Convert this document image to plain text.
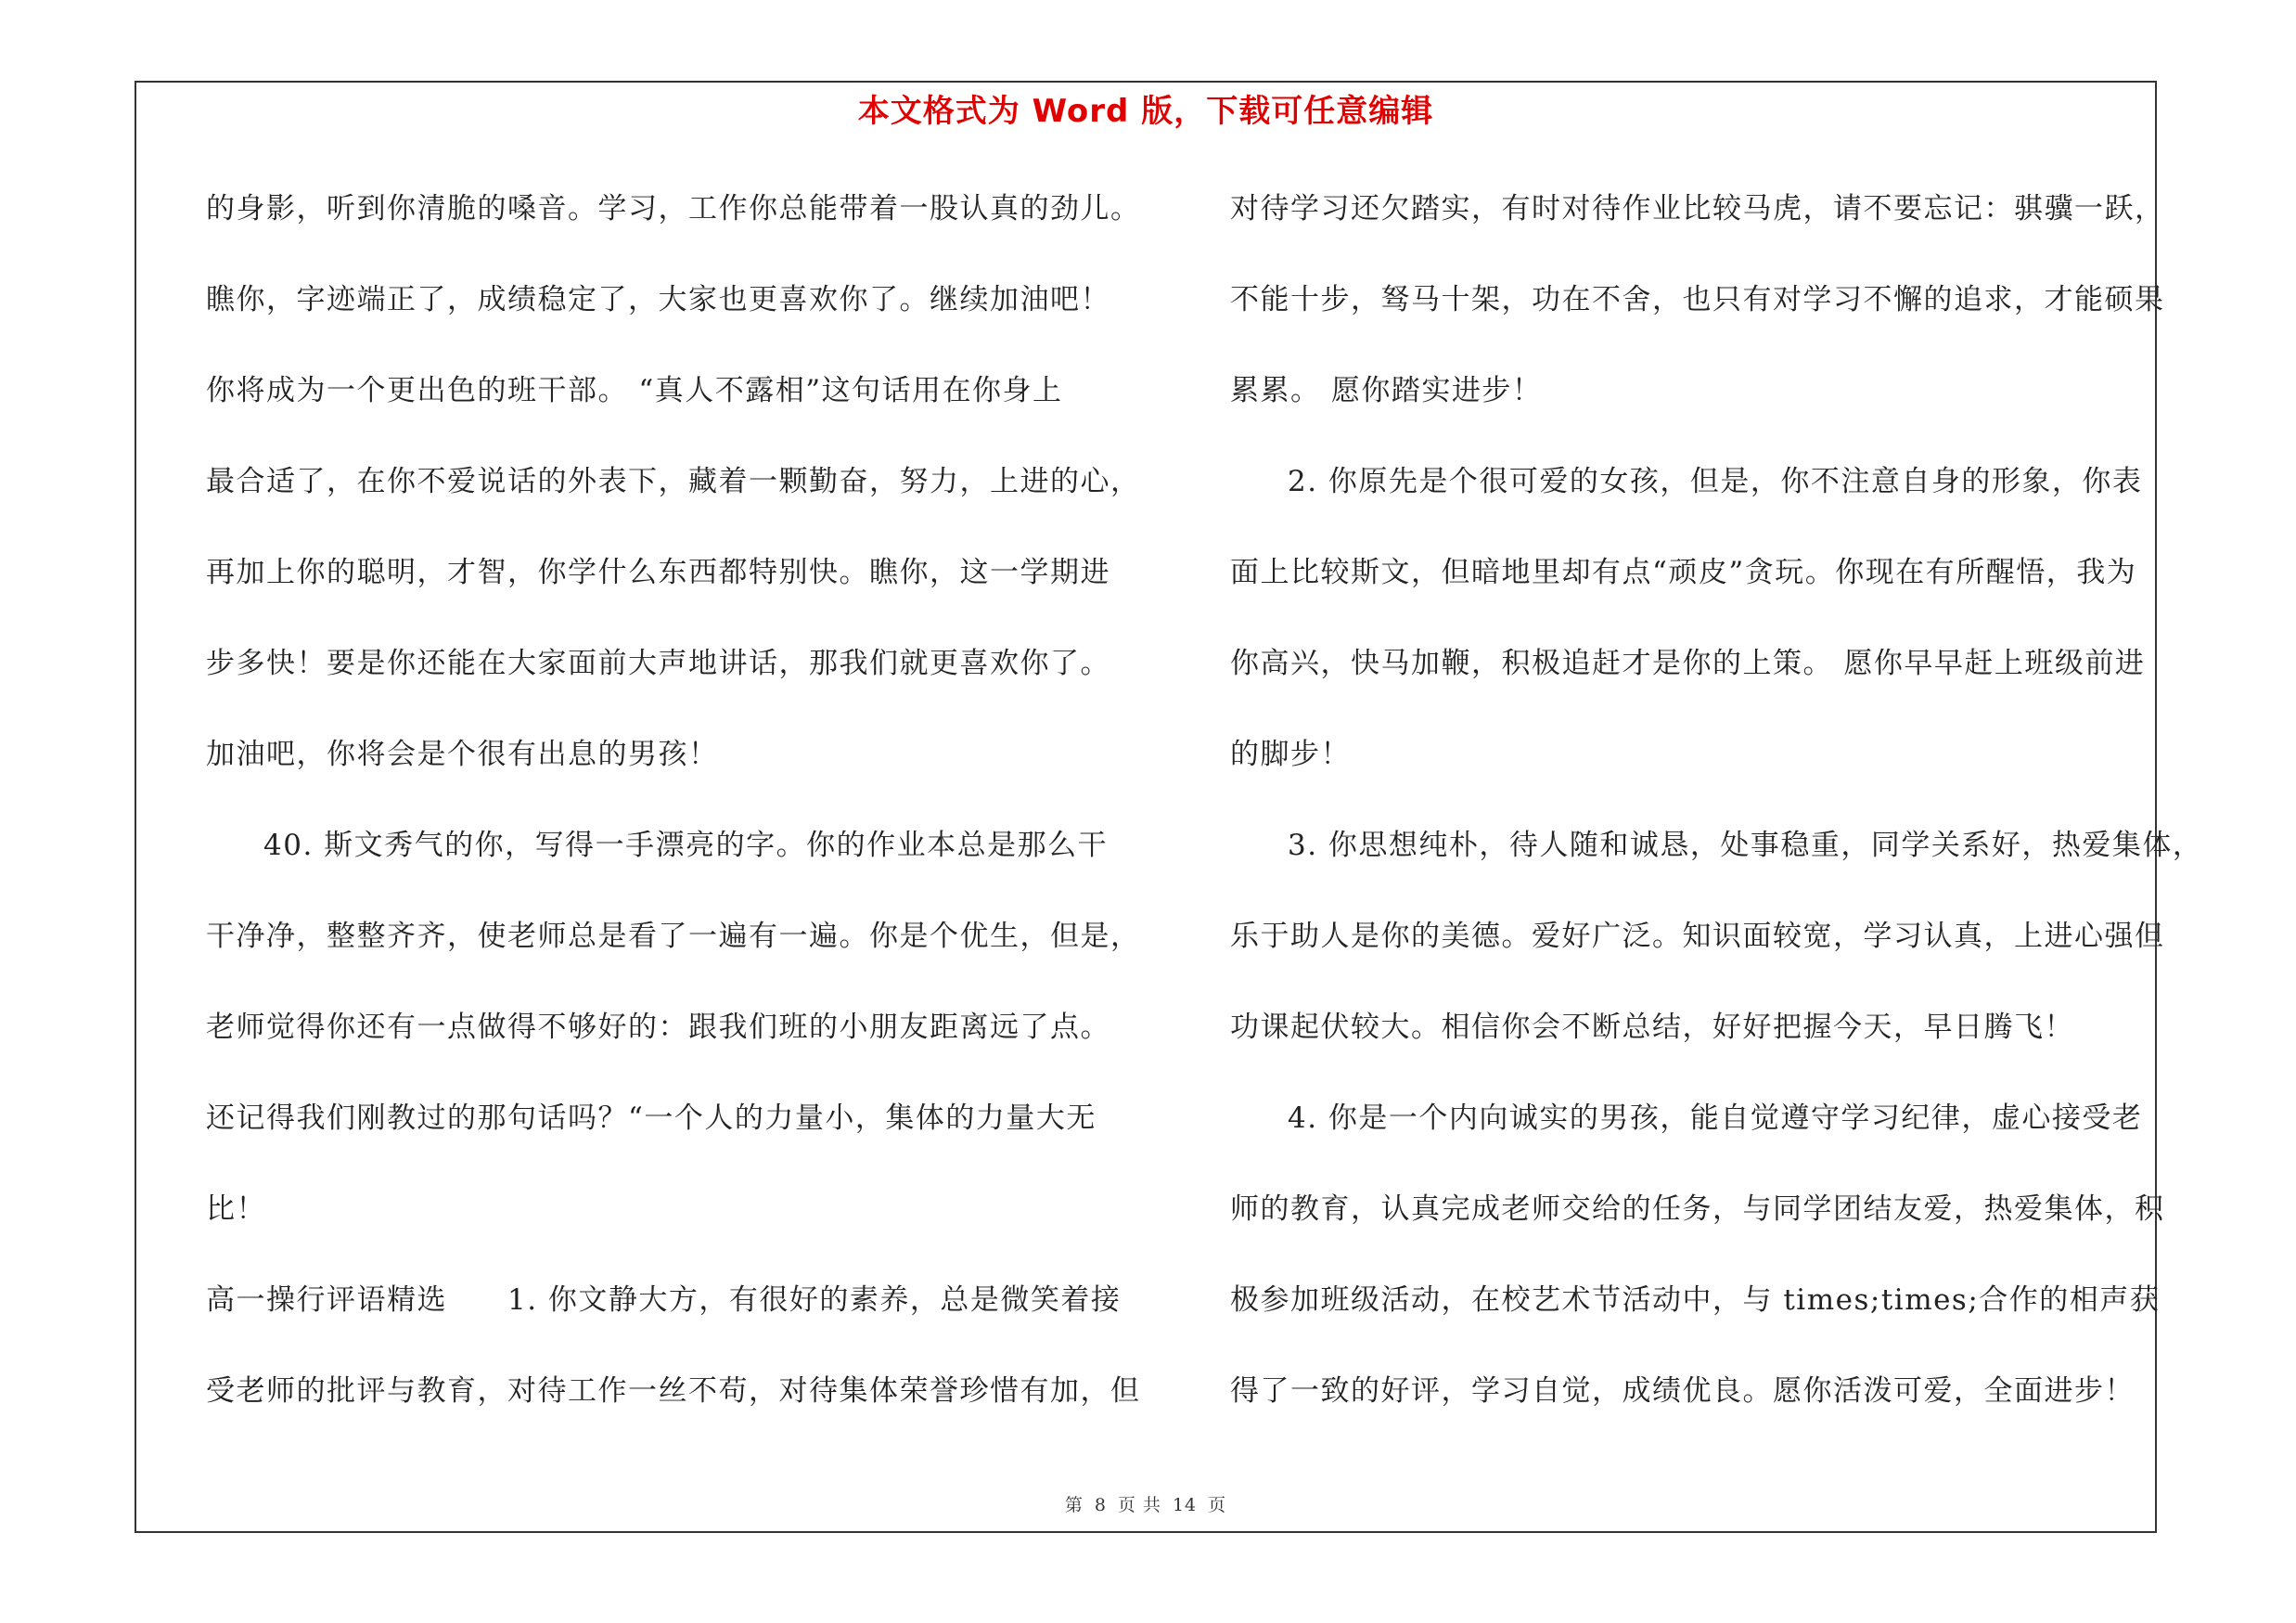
本文格式为 Word 版，下载可任意编辑
的身影，听到你清脆的嗓音。学习，工作你总能带着一股认真的劲儿。
瞧你，字迹端正了，成绩稳定了，大家也更喜欢你了。继续加油吧！
你将成为一个更出色的班干部。 “真人不露相”这句话用在你身上
最合适了，在你不爱说话的外表下，藏着一颗勤奋，努力，上进的心，
再加上你的聪明，才智，你学什么东西都特别快。瞧你，这一学期进
步多快！要是你还能在大家面前大声地讲话，那我们就更喜欢你了。
加油吧，你将会是个很有出息的男孩！
40. 斯文秀气的你，写得一手漂亮的字。你的作业本总是那么干
干净净，整整齐齐，使老师总是看了一遍有一遍。你是个优生，但是，
老师觉得你还有一点做得不够好的：跟我们班的小朋友距离远了点。
还记得我们刚教过的那句话吗？“一个人的力量小，集体的力量大无
比！
高一操行评语精选　　1. 你文静大方，有很好的素养，总是微笑着接
受老师的批评与教育，对待工作一丝不苟，对待集体荣誉珍惜有加，但
对待学习还欠踏实，有时对待作业比较马虎，请不要忘记：骐骥一跃，
不能十步，驽马十架，功在不舍，也只有对学习不懈的追求，才能硕果
累累。 愿你踏实进步！
2. 你原先是个很可爱的女孩，但是，你不注意自身的形象，你表
面上比较斯文，但暗地里却有点“顽皮”贪玩。你现在有所醒悟，我为
你高兴，快马加鞭，积极追赶才是你的上策。 愿你早早赶上班级前进
的脚步！
3. 你思想纯朴，待人随和诚恳，处事稳重，同学关系好，热爱集体，
乐于助人是你的美德。爱好广泛。知识面较宽，学习认真，上进心强但
功课起伏较大。相信你会不断总结，好好把握今天，早日腾飞！
4. 你是一个内向诚实的男孩，能自觉遵守学习纪律，虚心接受老
师的教育，认真完成老师交给的任务，与同学团结友爱，热爱集体，积
极参加班级活动，在校艺术节活动中，与 times;times;合作的相声获
得了一致的好评，学习自觉，成绩优良。愿你活泼可爱，全面进步！
第 8 页 共 14 页
